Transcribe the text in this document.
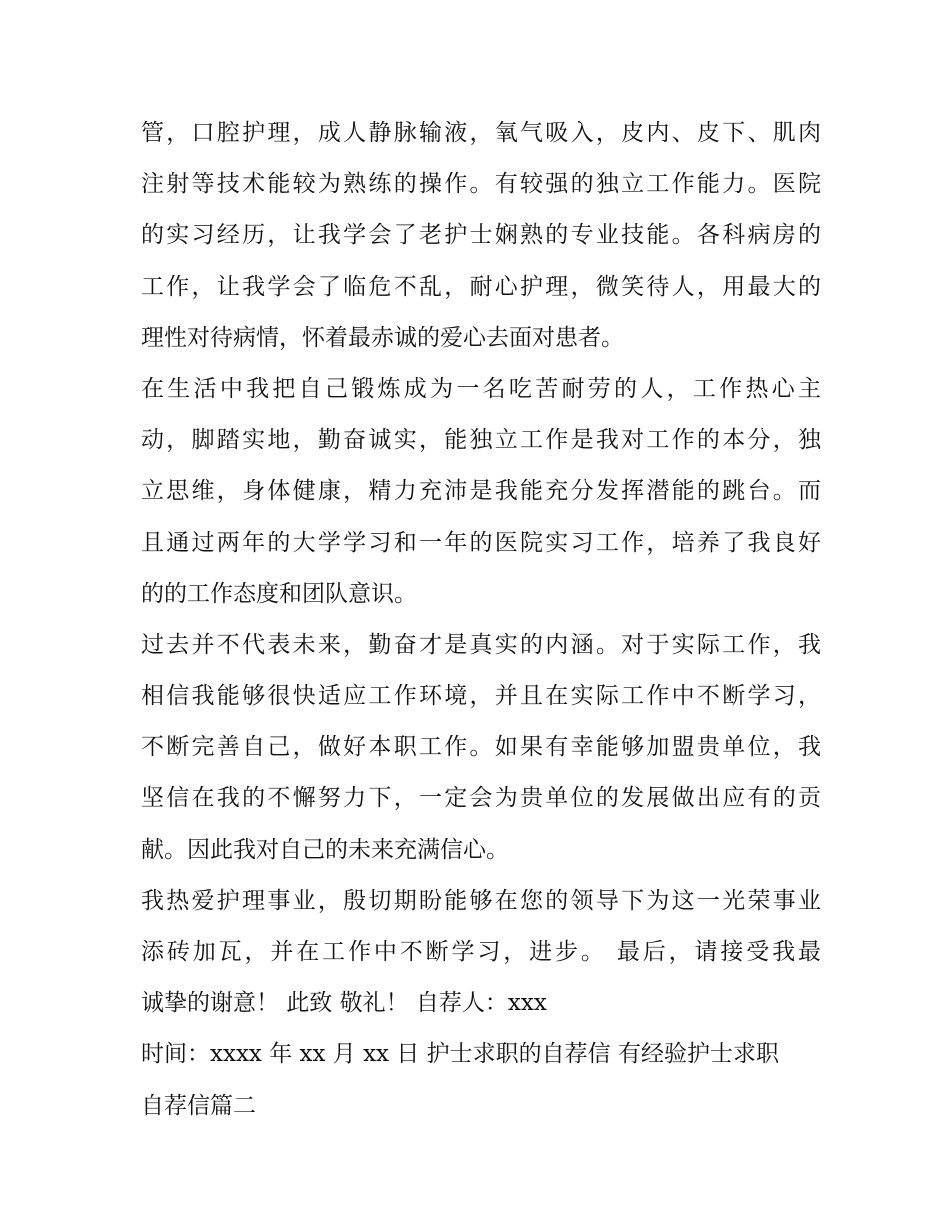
管，口腔护理，成人静脉输液，氧气吸入，皮内、皮下、肌肉
注射等技术能较为熟练的操作。有较强的独立工作能力。医院
的实习经历，让我学会了老护士娴熟的专业技能。各科病房的
工作，让我学会了临危不乱，耐心护理，微笑待人，用最大的
理性对待病情，怀着最赤诚的爱心去面对患者。
在生活中我把自己锻炼成为一名吃苦耐劳的人，工作热心主
动，脚踏实地，勤奋诚实，能独立工作是我对工作的本分，独
立思维，身体健康，精力充沛是我能充分发挥潜能的跳台。而
且通过两年的大学学习和一年的医院实习工作，培养了我良好
的的工作态度和团队意识。
过去并不代表未来，勤奋才是真实的内涵。对于实际工作，我
相信我能够很快适应工作环境，并且在实际工作中不断学习，
不断完善自己，做好本职工作。如果有幸能够加盟贵单位，我
坚信在我的不懈努力下，一定会为贵单位的发展做出应有的贡
献。因此我对自己的未来充满信心。
我热爱护理事业，殷切期盼能够在您的领导下为这一光荣事业
添砖加瓦，并在工作中不断学习，进步。 最后，请接受我最
诚挚的谢意！ 此致 敬礼！ 自荐人：xxx
时间：xxxx 年 xx 月 xx 日 护士求职的自荐信 有经验护士求职
自荐信篇二
